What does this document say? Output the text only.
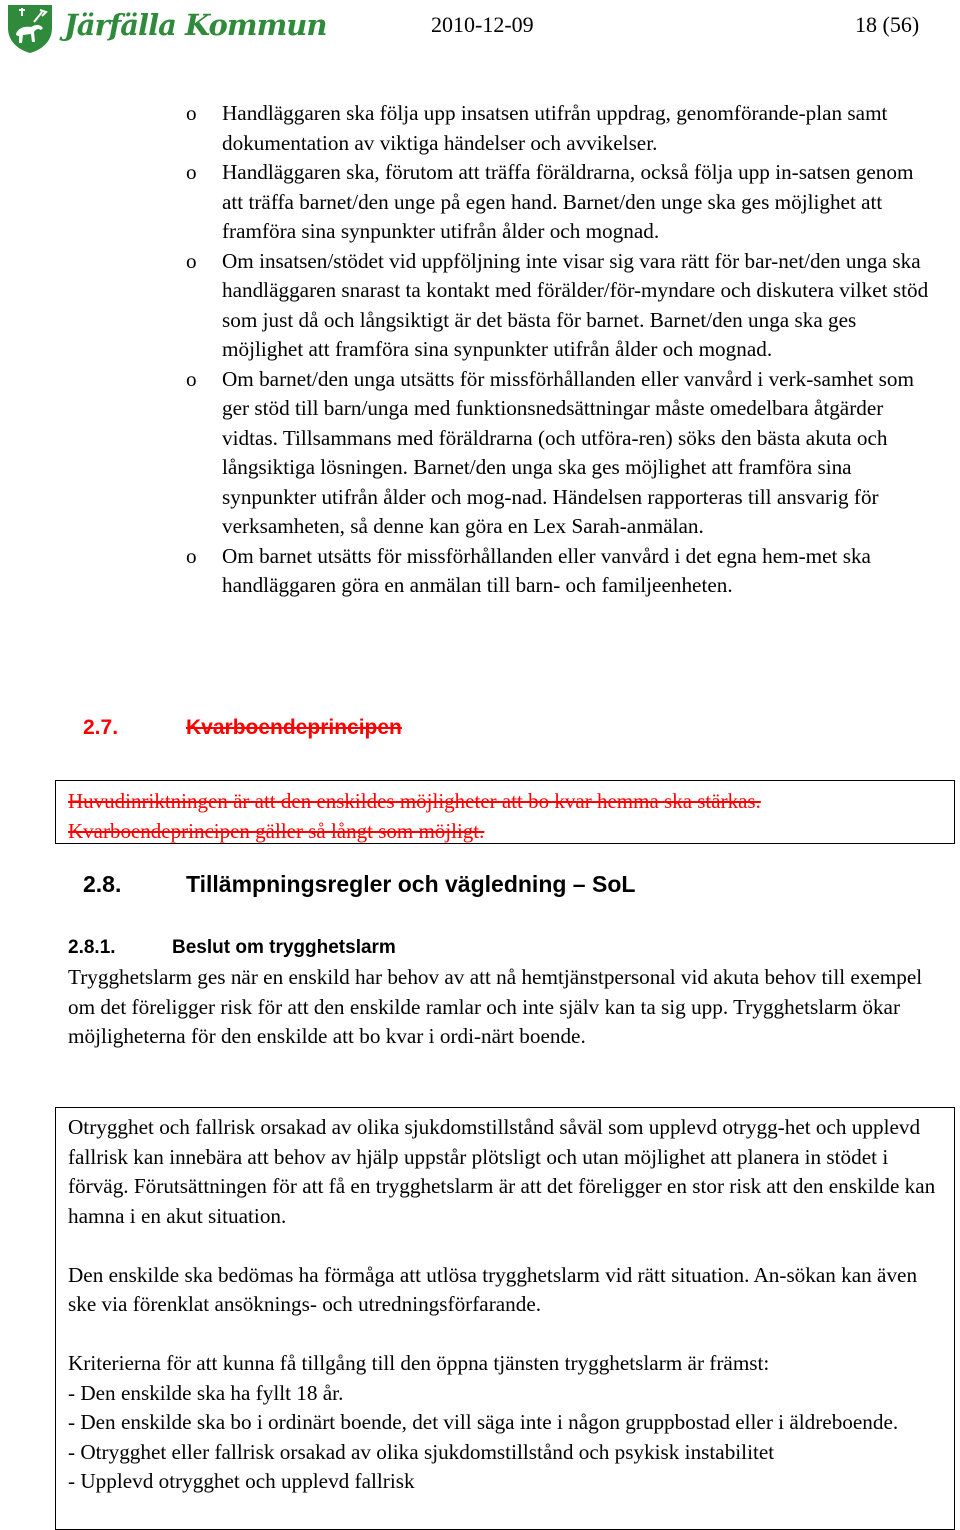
Järfälla Kommun	2010-12-09	18 (56)
o Handläggaren ska följa upp insatsen utifrån uppdrag, genomförande-plan samt dokumentation av viktiga händelser och avvikelser.
o Handläggaren ska, förutom att träffa föräldrarna, också följa upp in-satsen genom att träffa barnet/den unge på egen hand. Barnet/den unge ska ges möjlighet att framföra sina synpunkter utifrån ålder och mognad.
o Om insatsen/stödet vid uppföljning inte visar sig vara rätt för bar-net/den unga ska handläggaren snarast ta kontakt med förälder/för-myndare och diskutera vilket stöd som just då och långsiktigt är det bästa för barnet. Barnet/den unga ska ges möjlighet att framföra sina synpunkter utifrån ålder och mognad.
o Om barnet/den unga utsätts för missförhållanden eller vanvård i verk-samhet som ger stöd till barn/unga med funktionsnedsättningar måste omedelbara åtgärder vidtas. Tillsammans med föräldrarna (och utföra-ren) söks den bästa akuta och långsiktiga lösningen. Barnet/den unga ska ges möjlighet att framföra sina synpunkter utifrån ålder och mog-nad. Händelsen rapporteras till ansvarig för verksamheten, så denne kan göra en Lex Sarah-anmälan.
o Om barnet utsätts för missförhållanden eller vanvård i det egna hem-met ska handläggaren göra en anmälan till barn- och familjeenheten.
2.7.	Kvarboendeprincipen
Huvudinriktningen är att den enskildes möjligheter att bo kvar hemma ska stärkas. Kvarboendeprincipen gäller så långt som möjligt.
2.8.	Tillämpningsregler och vägledning – SoL
2.8.1.	Beslut om trygghetslarm
Trygghetslarm ges när en enskild har behov av att nå hemtjänstpersonal vid akuta behov till exempel om det föreligger risk för att den enskilde ramlar och inte själv kan ta sig upp. Trygghetslarm ökar möjligheterna för den enskilde att bo kvar i ordi-närt boende.

Otrygghet och fallrisk orsakad av olika sjukdomstillstånd såväl som upplevd otrygg-het och upplevd fallrisk kan innebära att behov av hjälp uppstår plötsligt och utan möjlighet att planera in stödet i förväg. Förutsättningen för att få en trygghetslarm är att det föreligger en stor risk att den enskilde kan hamna i en akut situation.

Den enskilde ska bedömas ha förmåga att utlösa trygghetslarm vid rätt situation. An-sökan kan även ske via förenklat ansöknings- och utredningsförfarande.

Kriterierna för att kunna få tillgång till den öppna tjänsten trygghetslarm är främst:
- Den enskilde ska ha fyllt 18 år.
- Den enskilde ska bo i ordinärt boende, det vill säga inte i någon gruppbostad eller i äldreboende.
- Otrygghet eller fallrisk orsakad av olika sjukdomstillstånd och psykisk instabilitet
- Upplevd otrygghet och upplevd fallrisk
